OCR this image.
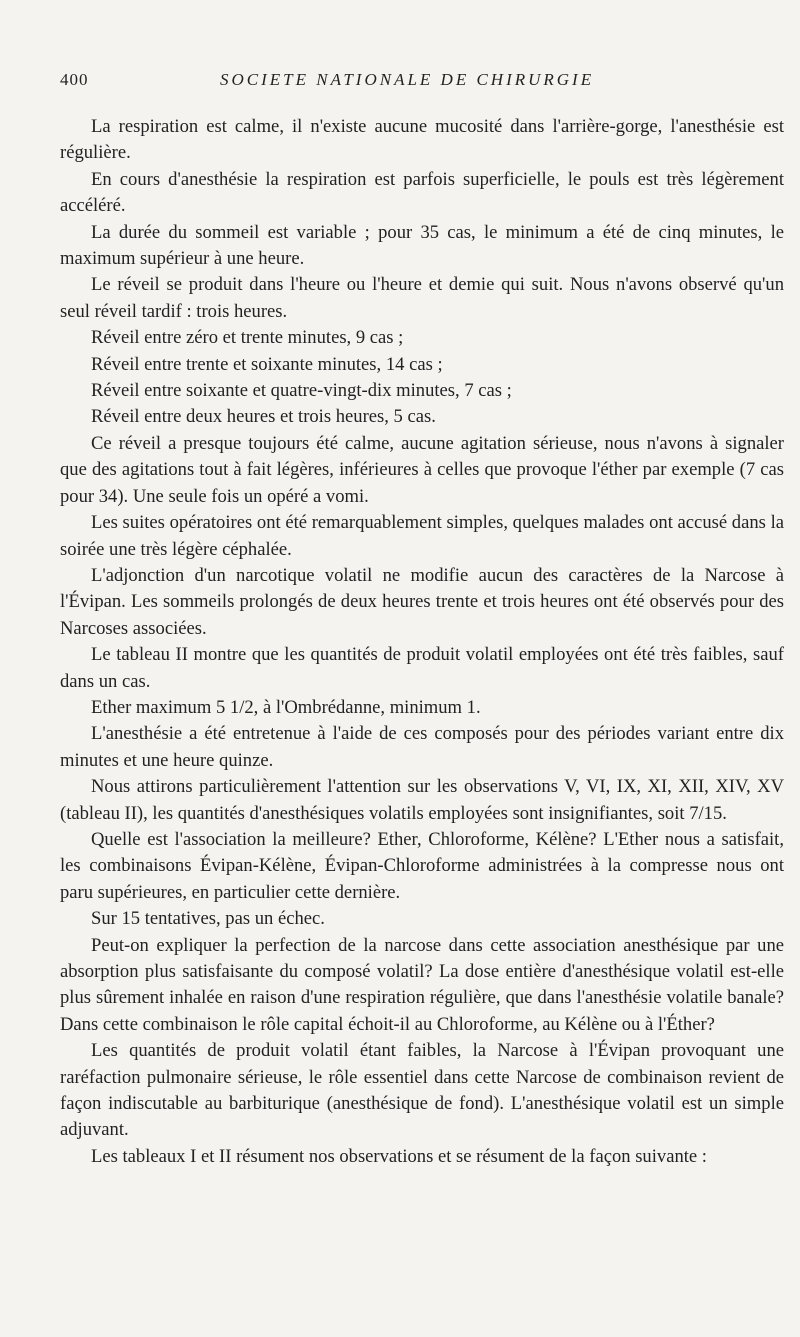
400	SOCIETE NATIONALE DE CHIRURGIE

La respiration est calme, il n'existe aucune mucosité dans l'arrière-gorge, l'anesthésie est régulière.

En cours d'anesthésie la respiration est parfois superficielle, le pouls est très légèrement accéléré.

La durée du sommeil est variable ; pour 35 cas, le minimum a été de cinq minutes, le maximum supérieur à une heure.

Le réveil se produit dans l'heure ou l'heure et demie qui suit. Nous n'avons observé qu'un seul réveil tardif : trois heures.

Réveil entre zéro et trente minutes, 9 cas ;

Réveil entre trente et soixante minutes, 14 cas ;

Réveil entre soixante et quatre-vingt-dix minutes, 7 cas ;

Réveil entre deux heures et trois heures, 5 cas.

Ce réveil a presque toujours été calme, aucune agitation sérieuse, nous n'avons à signaler que des agitations tout à fait légères, inférieures à celles que provoque l'éther par exemple (7 cas pour 34). Une seule fois un opéré a vomi.

Les suites opératoires ont été remarquablement simples, quelques malades ont accusé dans la soirée une très légère céphalée.

L'adjonction d'un narcotique volatil ne modifie aucun des caractères de la Narcose à l'Évipan. Les sommeils prolongés de deux heures trente et trois heures ont été observés pour des Narcoses associées.

Le tableau II montre que les quantités de produit volatil employées ont été très faibles, sauf dans un cas.

Ether maximum 5 1/2, à l'Ombrédanne, minimum 1.

L'anesthésie a été entretenue à l'aide de ces composés pour des périodes variant entre dix minutes et une heure quinze.

Nous attirons particulièrement l'attention sur les observations V, VI, IX, XI, XII, XIV, XV (tableau II), les quantités d'anesthésiques volatils employées sont insignifiantes, soit 7/15.

Quelle est l'association la meilleure? Ether, Chloroforme, Kélène? L'Ether nous a satisfait, les combinaisons Évipan-Kélène, Évipan-Chloroforme administrées à la compresse nous ont paru supérieures, en particulier cette dernière.

Sur 15 tentatives, pas un échec.

Peut-on expliquer la perfection de la narcose dans cette association anesthésique par une absorption plus satisfaisante du composé volatil? La dose entière d'anesthésique volatil est-elle plus sûrement inhalée en raison d'une respiration régulière, que dans l'anesthésie volatile banale? Dans cette combinaison le rôle capital échoit-il au Chloroforme, au Kélène ou à l'Éther?

Les quantités de produit volatil étant faibles, la Narcose à l'Évipan provoquant une raréfaction pulmonaire sérieuse, le rôle essentiel dans cette Narcose de combinaison revient de façon indiscutable au barbiturique (anesthésique de fond). L'anesthésique volatil est un simple adjuvant.

Les tableaux I et II résument nos observations et se résument de la façon suivante :
